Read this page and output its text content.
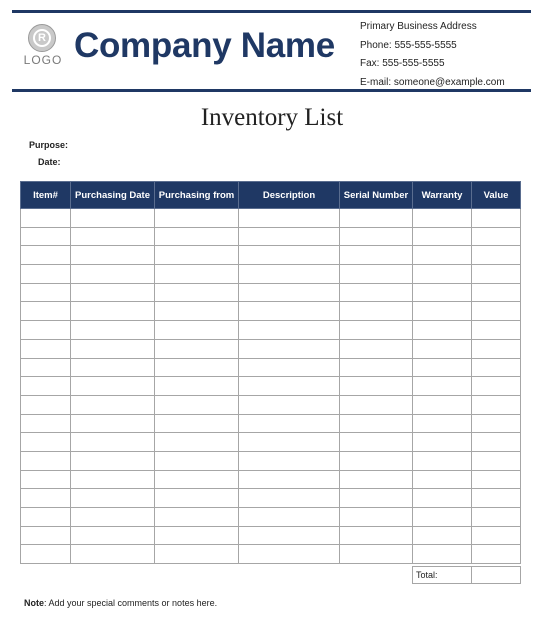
R
LOGO Company Name	Primary Business Address
Phone: 555-555-5555
Fax: 555-555-5555
E-mail: someone@example.com
Inventory List
Purpose:
Date:
Item#	Purchasing Date	Purchasing from	Description	Serial Number	Warranty	Value

Total:	
Note: Add your special comments or notes here.
